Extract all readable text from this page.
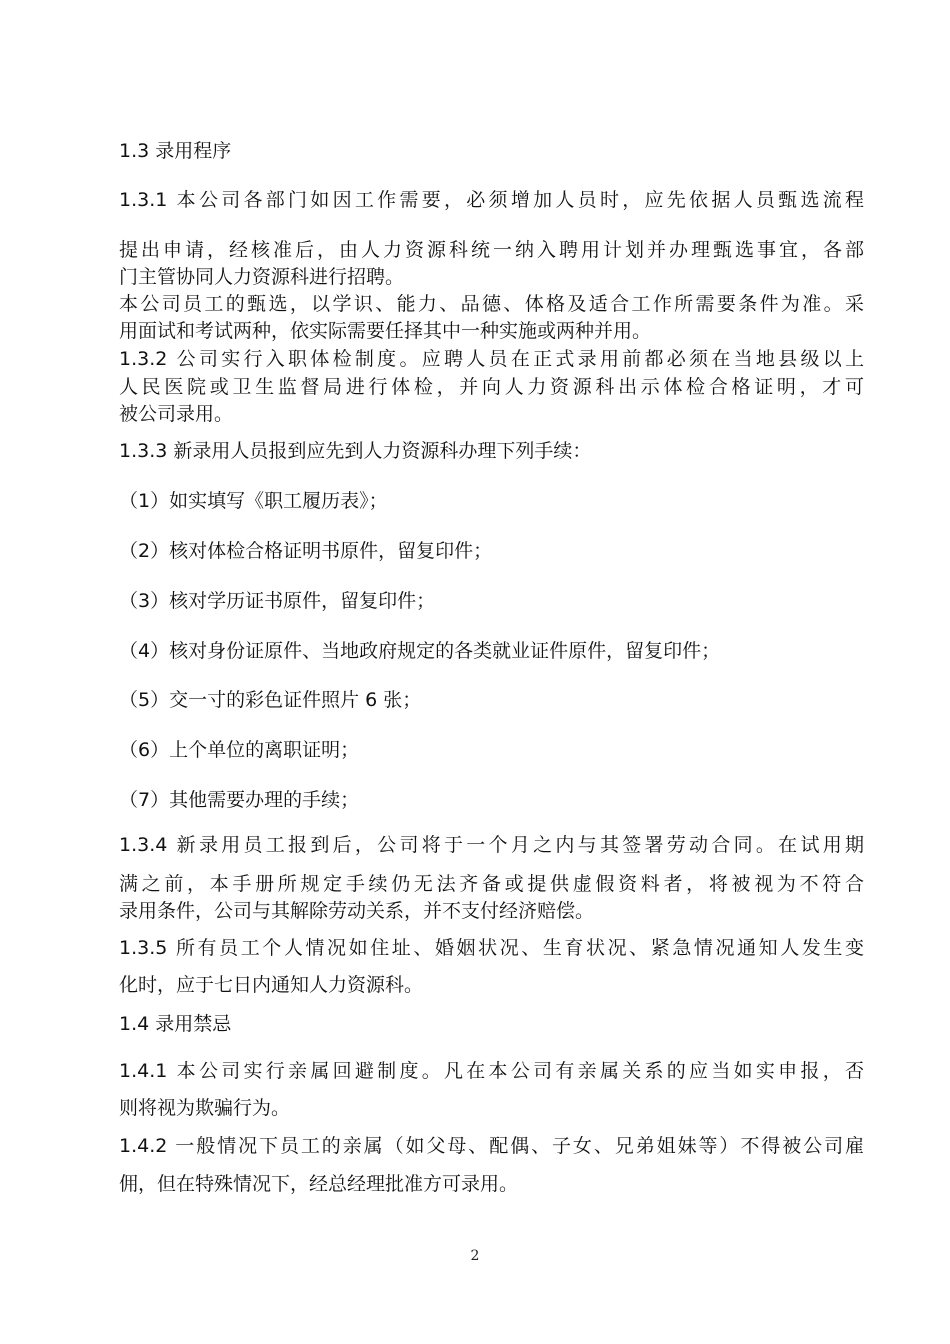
1.3 录用程序
1.3.1 本公司各部门如因工作需要，必须增加人员时，应先依据人员甄选流程
提出申请，经核准后，由人力资源科统一纳入聘用计划并办理甄选事宜，各部
门主管协同人力资源科进行招聘。
本公司员工的甄选，以学识、能力、品德、体格及适合工作所需要条件为准。采
用面试和考试两种，依实际需要任择其中一种实施或两种并用。
1.3.2 公司实行入职体检制度。应聘人员在正式录用前都必须在当地县级以上
人民医院或卫生监督局进行体检，并向人力资源科出示体检合格证明，才可
被公司录用。
1.3.3 新录用人员报到应先到人力资源科办理下列手续：
（1）如实填写《职工履历表》；
（2）核对体检合格证明书原件，留复印件；
（3）核对学历证书原件，留复印件；
（4）核对身份证原件、当地政府规定的各类就业证件原件，留复印件；
（5）交一寸的彩色证件照片 6 张；
（6）上个单位的离职证明；
（7）其他需要办理的手续；
1.3.4 新录用员工报到后，公司将于一个月之内与其签署劳动合同。在试用期
满之前，本手册所规定手续仍无法齐备或提供虚假资料者，将被视为不符合
录用条件，公司与其解除劳动关系，并不支付经济赔偿。
1.3.5 所有员工个人情况如住址、婚姻状况、生育状况、紧急情况通知人发生变
化时，应于七日内通知人力资源科。
1.4 录用禁忌
1.4.1 本公司实行亲属回避制度。凡在本公司有亲属关系的应当如实申报，否
则将视为欺骗行为。
1.4.2 一般情况下员工的亲属（如父母、配偶、子女、兄弟姐妹等）不得被公司雇
佣，但在特殊情况下，经总经理批准方可录用。
2
